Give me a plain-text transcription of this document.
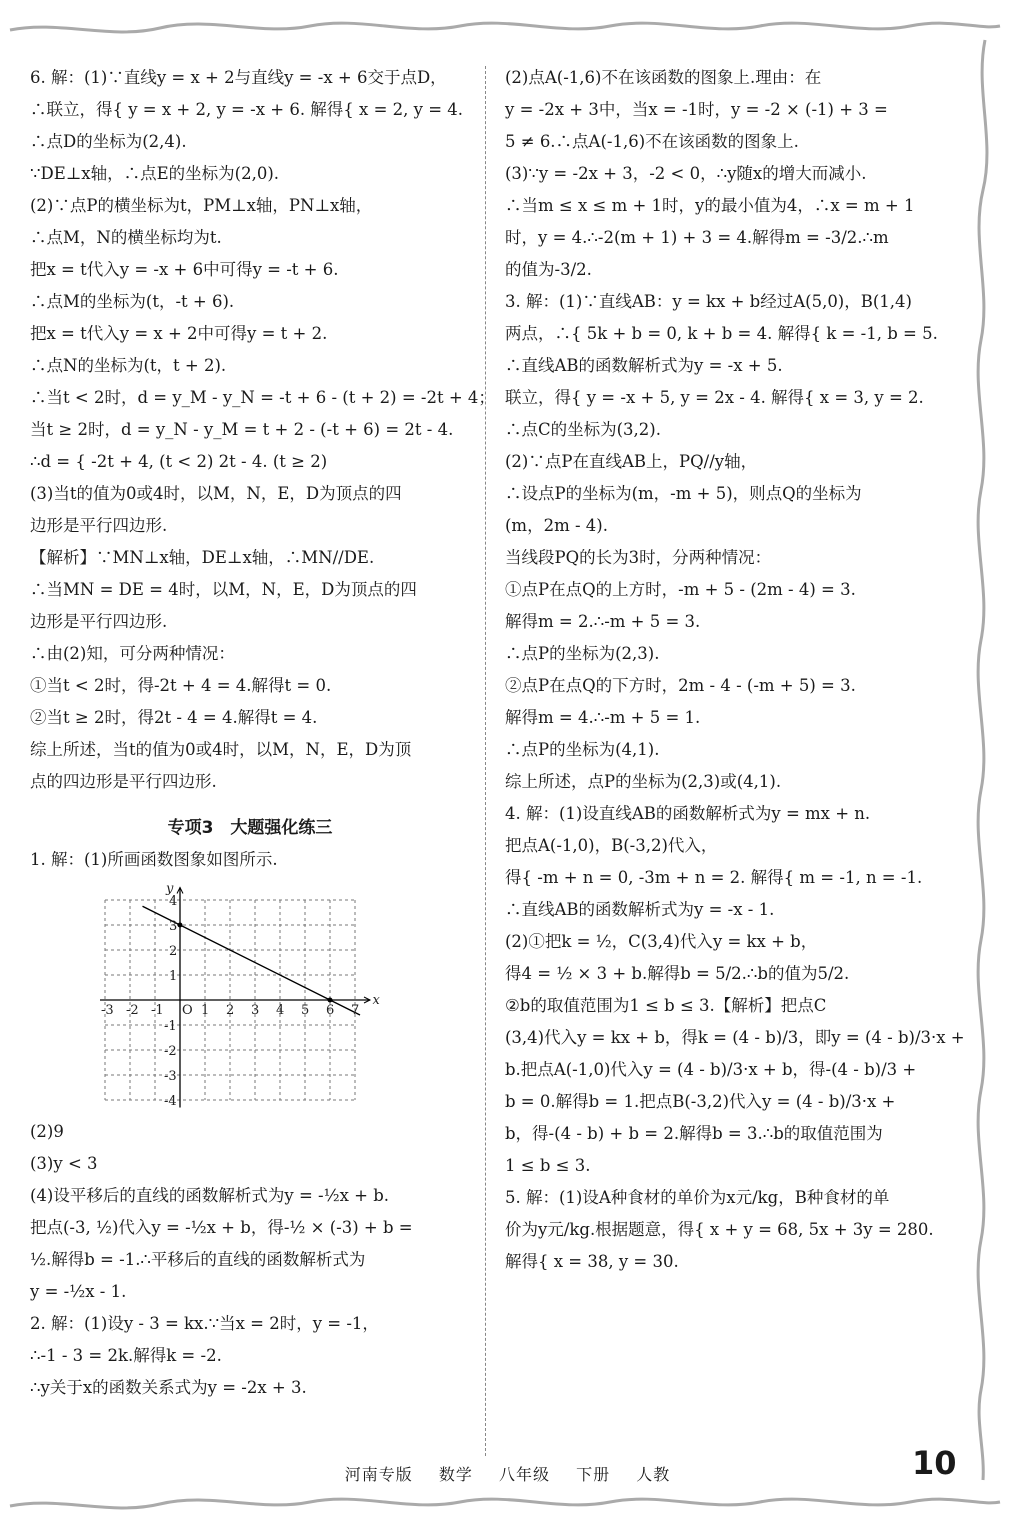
6. 解：(1)∵直线y = x + 2与直线y = -x + 6交于点D，
∴联立，得{ y = x + 2, y = -x + 6. 解得{ x = 2, y = 4.
∴点D的坐标为(2,4).
∵DE⊥x轴，∴点E的坐标为(2,0).
(2)∵点P的横坐标为t，PM⊥x轴，PN⊥x轴，
∴点M，N的横坐标均为t.
把x = t代入y = -x + 6中可得y = -t + 6.
∴点M的坐标为(t，-t + 6).
把x = t代入y = x + 2中可得y = t + 2.
∴点N的坐标为(t，t + 2).
∴当t < 2时，d = y_M - y_N = -t + 6 - (t + 2) = -2t + 4；
当t ≥ 2时，d = y_N - y_M = t + 2 - (-t + 6) = 2t - 4.
∴d = { -2t + 4, (t < 2) 2t - 4. (t ≥ 2)
(3)当t的值为0或4时，以M，N，E，D为顶点的四
边形是平行四边形.
【解析】∵MN⊥x轴，DE⊥x轴，∴MN//DE.
∴当MN = DE = 4时，以M，N，E，D为顶点的四
边形是平行四边形.
∴由(2)知，可分两种情况：
①当t < 2时，得-2t + 4 = 4.解得t = 0.
②当t ≥ 2时，得2t - 4 = 4.解得t = 4.
综上所述，当t的值为0或4时，以M，N，E，D为顶
点的四边形是平行四边形.
专项3　大题强化练三
1. 解：(1)所画函数图象如图所示.
-3 -2 -1 O 1 2 3 4 5 6 7
4
3
2
1
-1
-2
-3
-4
x
y
(2)9
(3)y < 3
(4)设平移后的直线的函数解析式为y = -½x + b.
把点(-3, ½)代入y = -½x + b，得-½ × (-3) + b =
½.解得b = -1.∴平移后的直线的函数解析式为
y = -½x - 1.
2. 解：(1)设y - 3 = kx.∵当x = 2时，y = -1，
∴-1 - 3 = 2k.解得k = -2.
∴y关于x的函数关系式为y = -2x + 3.
(2)点A(-1,6)不在该函数的图象上.理由：在
y = -2x + 3中，当x = -1时，y = -2 × (-1) + 3 =
5 ≠ 6.∴点A(-1,6)不在该函数的图象上.
(3)∵y = -2x + 3，-2 < 0，∴y随x的增大而减小.
∴当m ≤ x ≤ m + 1时，y的最小值为4，∴x = m + 1
时，y = 4.∴-2(m + 1) + 3 = 4.解得m = -3/2.∴m
的值为-3/2.
3. 解：(1)∵直线AB：y = kx + b经过A(5,0)，B(1,4)
两点，∴{ 5k + b = 0, k + b = 4. 解得{ k = -1, b = 5.
∴直线AB的函数解析式为y = -x + 5.
联立，得{ y = -x + 5, y = 2x - 4. 解得{ x = 3, y = 2.
∴点C的坐标为(3,2).
(2)∵点P在直线AB上，PQ//y轴，
∴设点P的坐标为(m，-m + 5)，则点Q的坐标为
(m，2m - 4).
当线段PQ的长为3时，分两种情况：
①点P在点Q的上方时，-m + 5 - (2m - 4) = 3.
解得m = 2.∴-m + 5 = 3.
∴点P的坐标为(2,3).
②点P在点Q的下方时，2m - 4 - (-m + 5) = 3.
解得m = 4.∴-m + 5 = 1.
∴点P的坐标为(4,1).
综上所述，点P的坐标为(2,3)或(4,1).
4. 解：(1)设直线AB的函数解析式为y = mx + n.
把点A(-1,0)，B(-3,2)代入，
得{ -m + n = 0, -3m + n = 2. 解得{ m = -1, n = -1.
∴直线AB的函数解析式为y = -x - 1.
(2)①把k = ½，C(3,4)代入y = kx + b，
得4 = ½ × 3 + b.解得b = 5/2.∴b的值为5/2.
②b的取值范围为1 ≤ b ≤ 3.【解析】把点C
(3,4)代入y = kx + b，得k = (4 - b)/3，即y = (4 - b)/3·x +
b.把点A(-1,0)代入y = (4 - b)/3·x + b，得-(4 - b)/3 +
b = 0.解得b = 1.把点B(-3,2)代入y = (4 - b)/3·x +
b，得-(4 - b) + b = 2.解得b = 3.∴b的取值范围为
1 ≤ b ≤ 3.
5. 解：(1)设A种食材的单价为x元/kg，B种食材的单
价为y元/kg.根据题意，得{ x + y = 68, 5x + 3y = 280.
解得{ x = 38, y = 30.
河南专版 数学 八年级 下册 人教	10
